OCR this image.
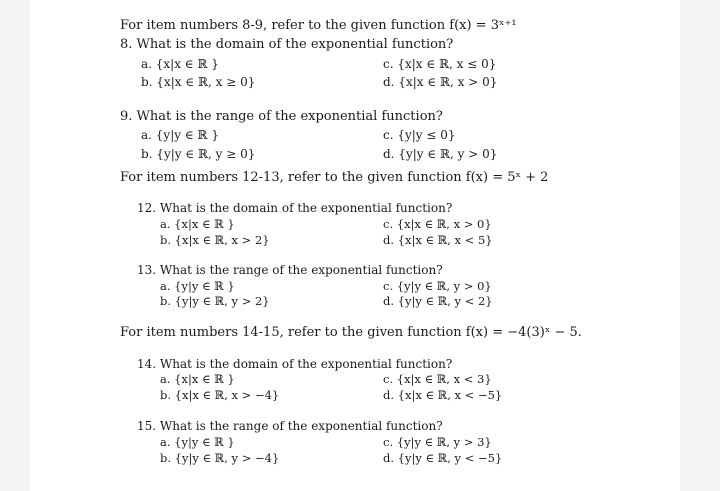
For item numbers 8-9, refer to the given function f(x) = 3ˣ⁺¹
8. What is the domain of the exponential function?
a. {x|x ∈ ℝ }	c. {x|x ∈ ℝ, x ≤ 0}
b. {x|x ∈ ℝ, x ≥ 0}	d. {x|x ∈ ℝ, x > 0}
9. What is the range of the exponential function?
a. {y|y ∈ ℝ }	c. {y|y ≤ 0}
b. {y|y ∈ ℝ, y ≥ 0}	d. {y|y ∈ ℝ, y > 0}
For item numbers 12-13, refer to the given function f(x) = 5ˣ + 2
12. What is the domain of the exponential function?
a. {x|x ∈ ℝ }	c. {x|x ∈ ℝ, x > 0}
b. {x|x ∈ ℝ, x > 2}	d. {x|x ∈ ℝ, x < 5}
13. What is the range of the exponential function?
a. {y|y ∈ ℝ }	c. {y|y ∈ ℝ, y > 0}
b. {y|y ∈ ℝ, y > 2}	d. {y|y ∈ ℝ, y < 2}
For item numbers 14-15, refer to the given function f(x) = −4(3)ˣ − 5.
14. What is the domain of the exponential function?
a. {x|x ∈ ℝ }	c. {x|x ∈ ℝ, x < 3}
b. {x|x ∈ ℝ, x > −4}	d. {x|x ∈ ℝ, x < −5}
15. What is the range of the exponential function?
a. {y|y ∈ ℝ }	c. {y|y ∈ ℝ, y > 3}
b. {y|y ∈ ℝ, y > −4}	d. {y|y ∈ ℝ, y < −5}
